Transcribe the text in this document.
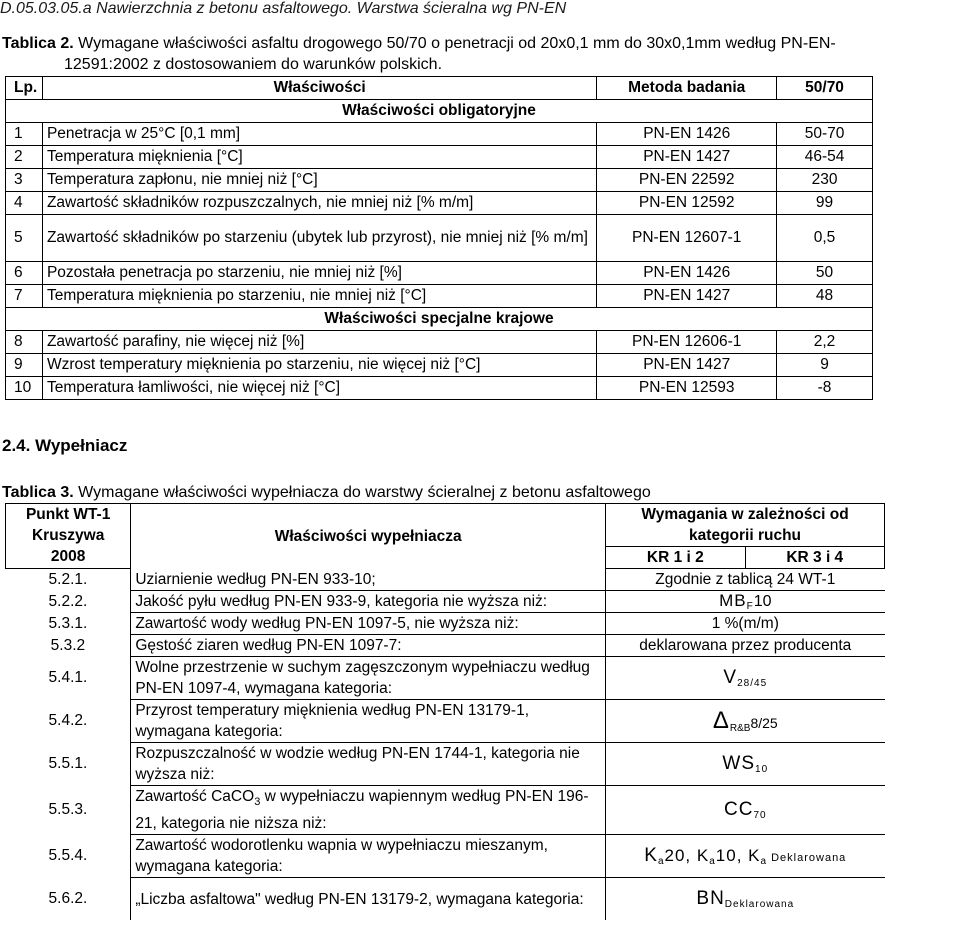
D.05.03.05.a Nawierzchnia z betonu asfaltowego. Warstwa ścieralna wg PN-EN
Tablica 2. Wymagane właściwości asfaltu drogowego 50/70 o penetracji od 20x0,1 mm do 30x0,1mm według PN-EN-
12591:2002 z dostosowaniem do warunków polskich.
Lp.	Właściwości	Metoda badania	50/70
Właściwości obligatoryjne			
1	Penetracja w 25°C [0,1 mm]	PN-EN 1426	50-70
2	Temperatura mięknienia [°C]	PN-EN 1427	46-54
3	Temperatura zapłonu, nie mniej niż [°C]	PN-EN 22592	230
4	Zawartość składników rozpuszczalnych, nie mniej niż [% m/m]	PN-EN 12592	99
5	Zawartość składników po starzeniu (ubytek lub przyrost), nie mniej niż [% m/m]	PN-EN 12607-1	0,5
6	Pozostała penetracja po starzeniu, nie mniej niż [%]	PN-EN 1426	50
7	Temperatura mięknienia po starzeniu, nie mniej niż [°C]	PN-EN 1427	48
Właściwości specjalne krajowe			
8	Zawartość parafiny, nie więcej niż [%]	PN-EN 12606-1	2,2
9	Wzrost temperatury mięknienia po starzeniu, nie więcej niż [°C]	PN-EN 1427	9
10	Temperatura łamliwości, nie więcej niż [°C]	PN-EN 12593	-8
2.4. Wypełniacz
Tablica 3. Wymagane właściwości wypełniacza do warstwy ścieralnej z betonu asfaltowego
Punkt WT-1	Właściwości wypełniacza	Wymagania w zależności od	
Kruszywa		kategorii ruchu	
2008		KR 1 i 2	KR 3 i 4
5.2.1.	Uziarnienie według PN-EN 933-10;	Zgodnie z tablicą 24 WT-1	
5.2.2.	Jakość pyłu według PN-EN 933-9, kategoria nie wyższa niż:	$MB_F10$	
5.3.1.	Zawartość wody według PN-EN 1097-5, nie wyższa niż:	1 %(m/m)	
5.3.2	Gęstość ziaren według PN-EN 1097-7:	deklarowana przez producenta	
5.4.1.	Wolne przestrzenie w suchym zagęszczonym wypełniaczu według PN-EN 1097-4, wymagana kategoria:	$V_{28/45}$
5.4.2.	Przyrost temperatury mięknienia według PN-EN 13179-1, wymagana kategoria:	$\Delta_{R\&B}8/25$	
5.5.1.	Rozpuszczalność w wodzie według PN-EN 1744-1, kategoria nie wyższa niż:	$WS_{10}$
5.5.3.	Zawartość CaCO$_3$ w wypełniaczu wapiennym według PN-EN 196-21, kategoria nie niższa niż:	$CC_{70}$
5.5.4.	Zawartość wodorotlenku wapnia w wypełniaczu mieszanym, wymagana kategoria:	$K_a20$, $K_a10$, $K_a$ Deklarowana	
5.6.2.	„Liczba asfaltowa" według PN-EN 13179-2, wymagana kategoria:	$BN_{Deklarowana}$
